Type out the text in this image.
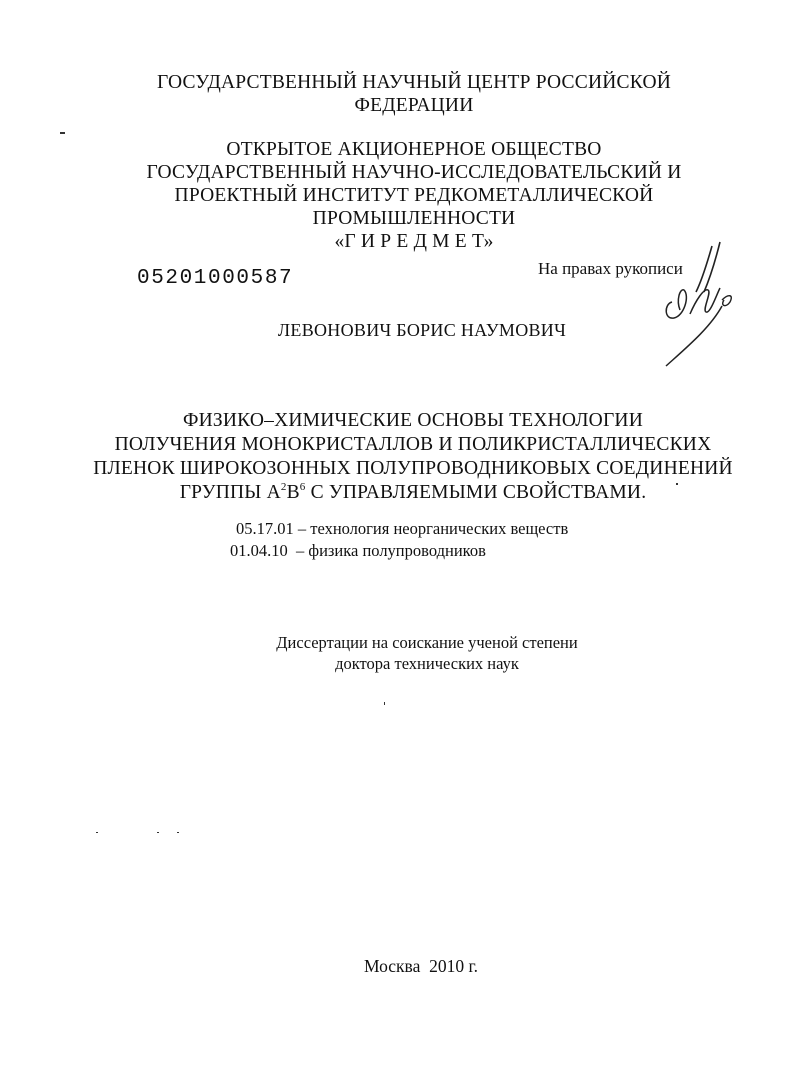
ГОСУДАРСТВЕННЫЙ НАУЧНЫЙ ЦЕНТР РОССИЙСКОЙ
ФЕДЕРАЦИИ
ОТКРЫТОЕ АКЦИОНЕРНОЕ ОБЩЕСТВО
ГОСУДАРСТВЕННЫЙ НАУЧНО-ИССЛЕДОВАТЕЛЬСКИЙ И
ПРОЕКТНЫЙ ИНСТИТУТ РЕДКОМЕТАЛЛИЧЕСКОЙ
ПРОМЫШЛЕННОСТИ
«Г И Р Е Д М Е Т»
05201000587	На правах рукописи
ЛЕВОНОВИЧ БОРИС НАУМОВИЧ
ФИЗИКО–ХИМИЧЕСКИЕ ОСНОВЫ ТЕХНОЛОГИИ
ПОЛУЧЕНИЯ МОНОКРИСТАЛЛОВ И ПОЛИКРИСТАЛЛИЧЕСКИХ
ПЛЕНОК ШИРОКОЗОННЫХ ПОЛУПРОВОДНИКОВЫХ СОЕДИНЕНИЙ
ГРУППЫ $А^2В^6$ С УПРАВЛЯЕМЫМИ СВОЙСТВАМИ.
05.17.01 – технология неорганических веществ
01.04.10  – физика полупроводников
Диссертации на соискание ученой степени
доктора технических наук
Москва  2010 г.
